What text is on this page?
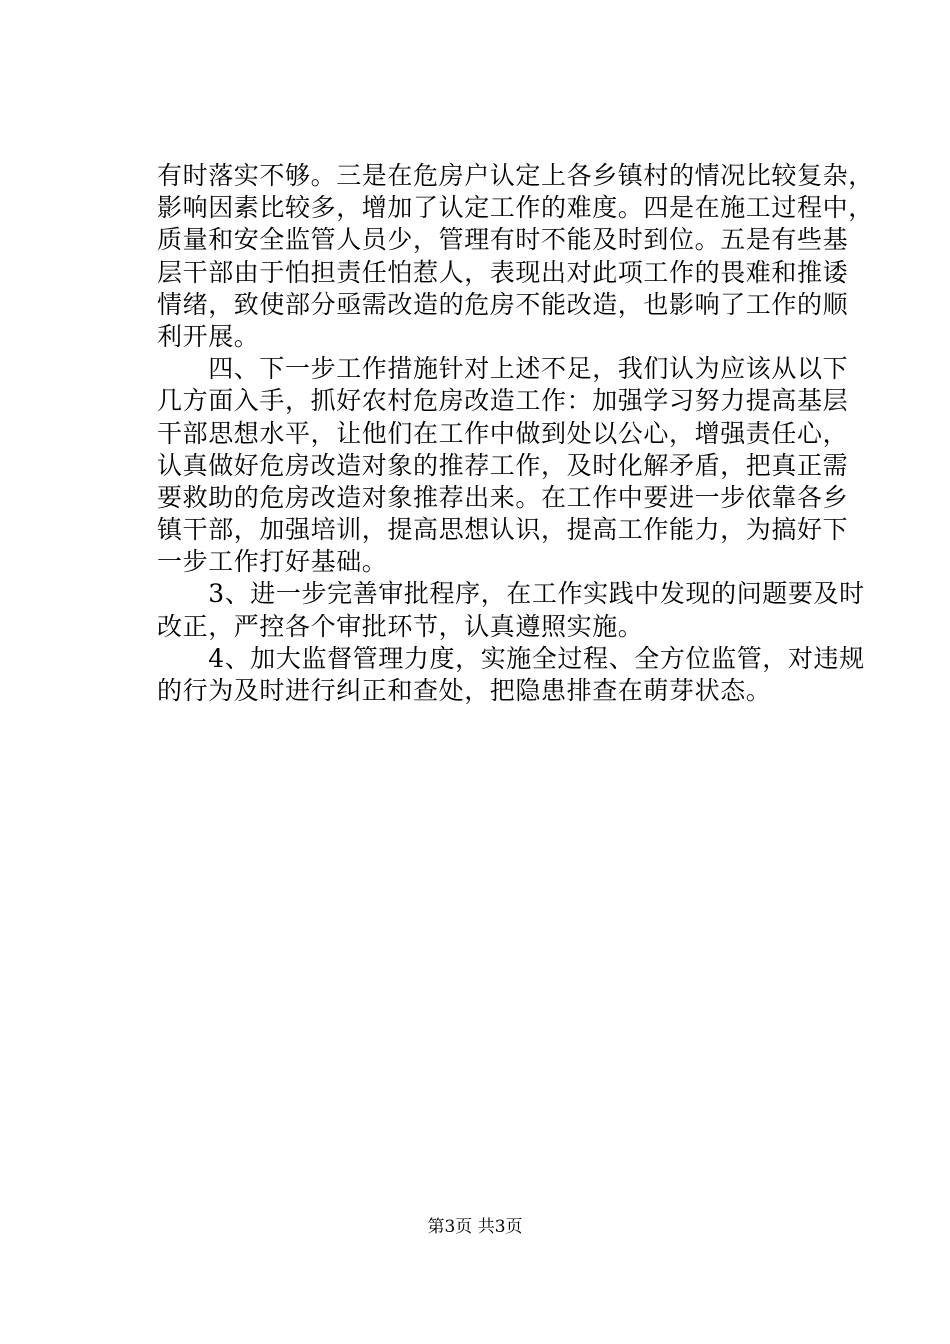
有时落实不够。三是在危房户认定上各乡镇村的情况比较复杂，
影响因素比较多，增加了认定工作的难度。四是在施工过程中，
质量和安全监管人员少，管理有时不能及时到位。五是有些基
层干部由于怕担责任怕惹人，表现出对此项工作的畏难和推诿
情绪，致使部分亟需改造的危房不能改造，也影响了工作的顺
利开展。
　　四、下一步工作措施针对上述不足，我们认为应该从以下
几方面入手，抓好农村危房改造工作：加强学习努力提高基层
干部思想水平，让他们在工作中做到处以公心，增强责任心，
认真做好危房改造对象的推荐工作，及时化解矛盾，把真正需
要救助的危房改造对象推荐出来。在工作中要进一步依靠各乡
镇干部，加强培训，提高思想认识，提高工作能力，为搞好下
一步工作打好基础。
　　3、进一步完善审批程序，在工作实践中发现的问题要及时
改正，严控各个审批环节，认真遵照实施。
　　4、加大监督管理力度，实施全过程、全方位监管，对违规
的行为及时进行纠正和查处，把隐患排查在萌芽状态。
第3页 共3页
